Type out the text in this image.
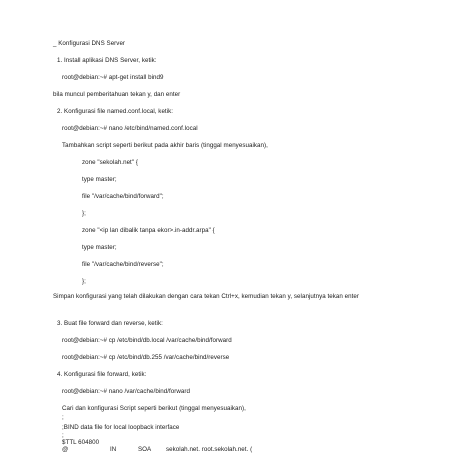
_ Konfigurasi DNS Server
1. Install aplikasi DNS Server, ketik:
root@debian:~# apt-get install bind9
bila muncul pemberitahuan tekan y, dan enter
2. Konfigurasi file named.conf.local, ketik:
root@debian:~# nano /etc/bind/named.conf.local
Tambahkan script seperti berikut pada akhir baris (tinggal menyesuaikan),
zone "sekolah.net" {
type master;
file "/var/cache/bind/forward";
};
zone "<ip lan dibalik tanpa ekor>.in-addr.arpa" {
type master;
file "/var/cache/bind/reverse";
};
Simpan konfigurasi yang telah dilakukan dengan cara tekan Ctrl+x, kemudian tekan y, selanjutnya tekan enter
3. Buat file forward dan reverse, ketik:
root@debian:~# cp /etc/bind/db.local /var/cache/bind/forward
root@debian:~# cp /etc/bind/db.255 /var/cache/bind/reverse
4. Konfigurasi file forward, ketik:
root@debian:~# nano /var/cache/bind/forward
Cari dan konfigurasi Script seperti berikut (tinggal menyesuaikan),
;
;BIND data file for local loopback interface
;
$TTL 604800
@	IN	SOA sekolah.net. root.sekolah.net. (
